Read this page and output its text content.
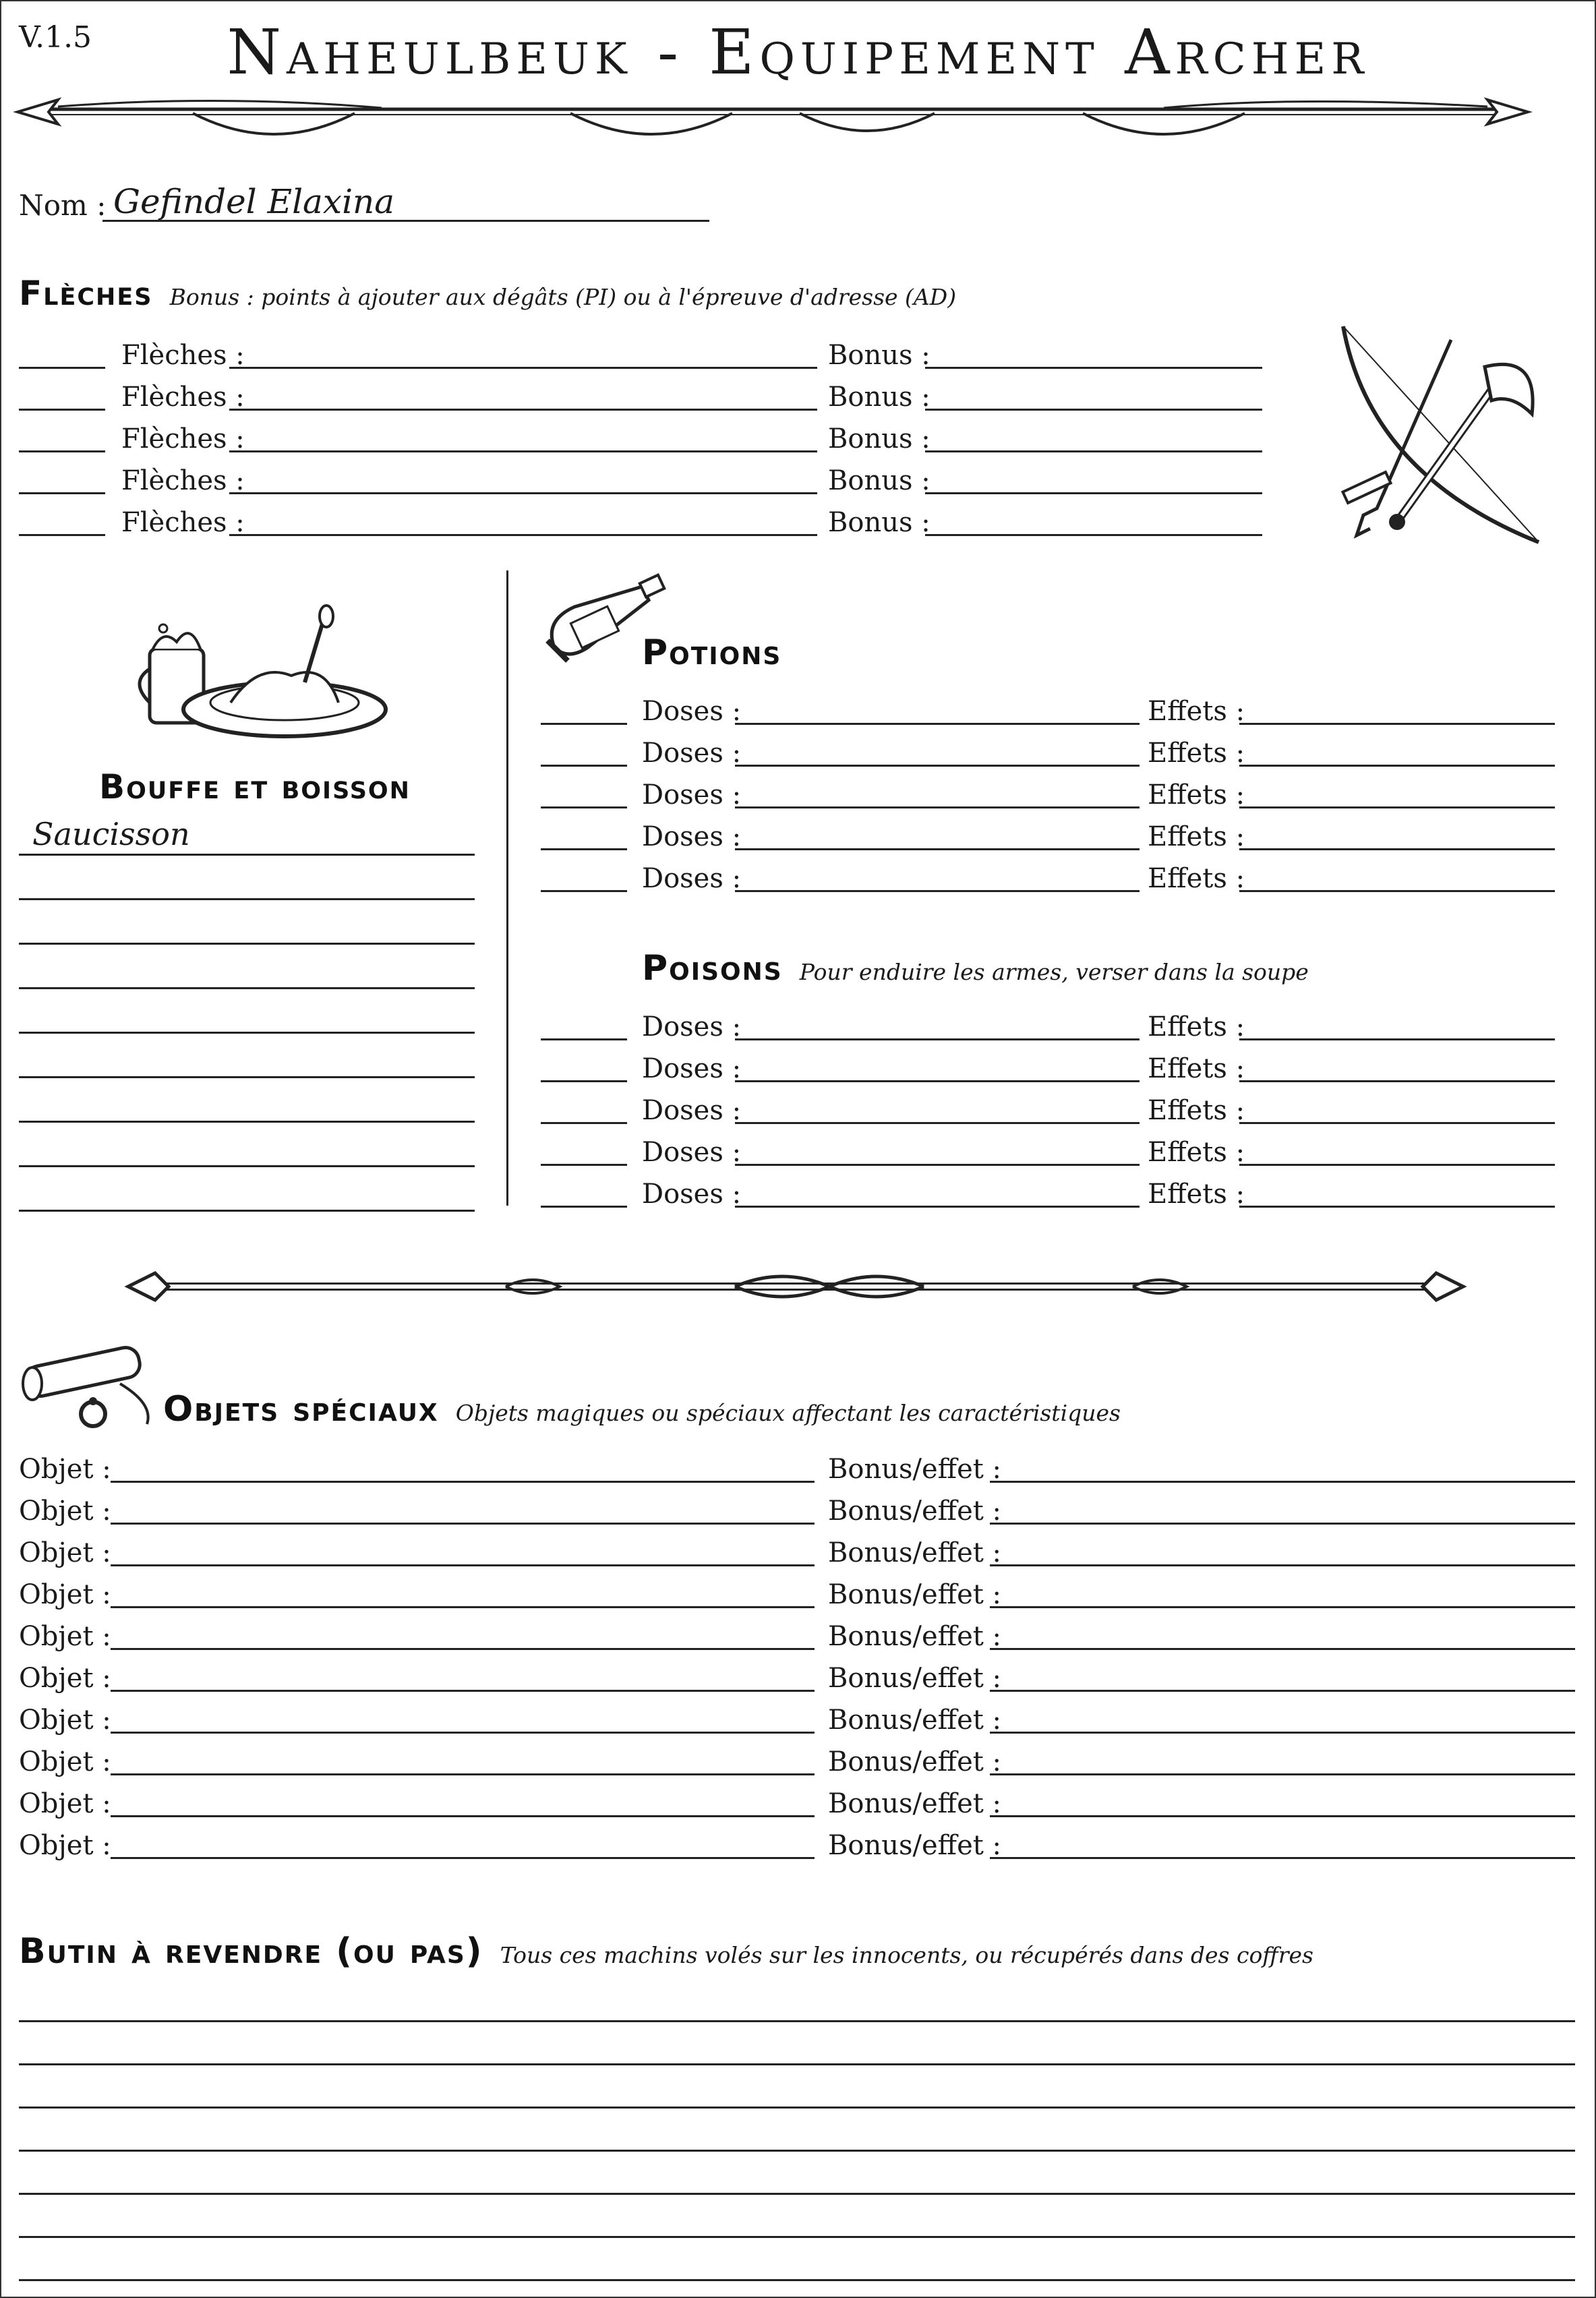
V.1.5	Naheulbeuk - Equipement Archer
Nom : Gefindel Elaxina
Flèches Bonus : points à ajouter aux dégâts (PI) ou à l'épreuve d'adresse (AD)
Flèches :	Bonus :
Flèches :	Bonus :
Flèches :	Bonus :
Flèches :	Bonus :
Flèches :	Bonus :
Bouffe et boisson
Saucisson
Potions
Doses :	Effets :
Doses :	Effets :
Doses :	Effets :
Doses :	Effets :
Doses :	Effets :
Poisons Pour enduire les armes, verser dans la soupe
Doses :	Effets :
Doses :	Effets :
Doses :	Effets :
Doses :	Effets :
Doses :	Effets :
Objets spéciaux Objets magiques ou spéciaux affectant les caractéristiques
Objet :	Bonus/effet :
Objet :	Bonus/effet :
Objet :	Bonus/effet :
Objet :	Bonus/effet :
Objet :	Bonus/effet :
Objet :	Bonus/effet :
Objet :	Bonus/effet :
Objet :	Bonus/effet :
Objet :	Bonus/effet :
Objet :	Bonus/effet :
Butin à revendre (ou pas) Tous ces machins volés sur les innocents, ou récupérés dans des coffres
